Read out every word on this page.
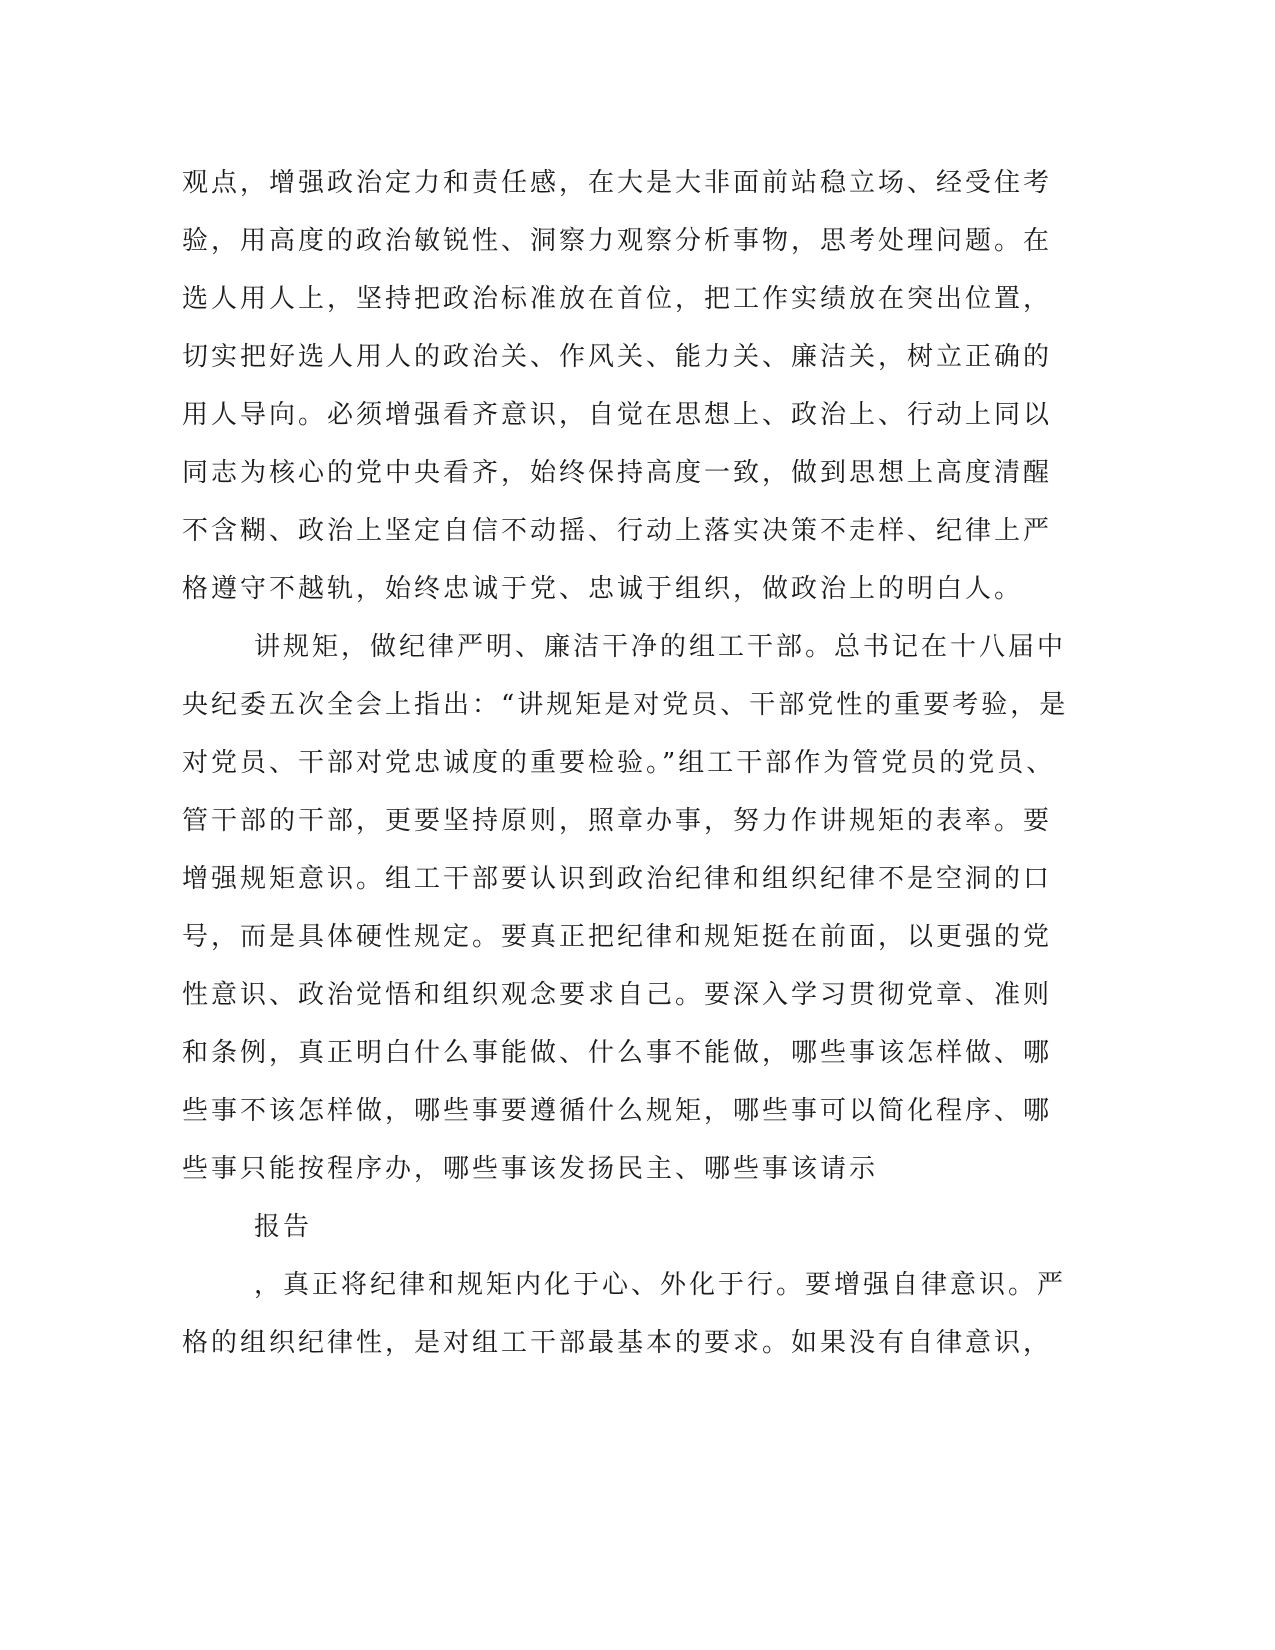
观点，增强政治定力和责任感，在大是大非面前站稳立场、经受住考
验，用高度的政治敏锐性、洞察力观察分析事物，思考处理问题。在
选人用人上，坚持把政治标准放在首位，把工作实绩放在突出位置，
切实把好选人用人的政治关、作风关、能力关、廉洁关，树立正确的
用人导向。必须增强看齐意识，自觉在思想上、政治上、行动上同以
同志为核心的党中央看齐，始终保持高度一致，做到思想上高度清醒
不含糊、政治上坚定自信不动摇、行动上落实决策不走样、纪律上严
格遵守不越轨，始终忠诚于党、忠诚于组织，做政治上的明白人。
讲规矩，做纪律严明、廉洁干净的组工干部。总书记在十八届中
央纪委五次全会上指出：“讲规矩是对党员、干部党性的重要考验，是
对党员、干部对党忠诚度的重要检验。”组工干部作为管党员的党员、
管干部的干部，更要坚持原则，照章办事，努力作讲规矩的表率。要
增强规矩意识。组工干部要认识到政治纪律和组织纪律不是空洞的口
号，而是具体硬性规定。要真正把纪律和规矩挺在前面，以更强的党
性意识、政治觉悟和组织观念要求自己。要深入学习贯彻党章、准则
和条例，真正明白什么事能做、什么事不能做，哪些事该怎样做、哪
些事不该怎样做，哪些事要遵循什么规矩，哪些事可以简化程序、哪
些事只能按程序办，哪些事该发扬民主、哪些事该请示
报告
，真正将纪律和规矩内化于心、外化于行。要增强自律意识。严
格的组织纪律性，是对组工干部最基本的要求。如果没有自律意识，
